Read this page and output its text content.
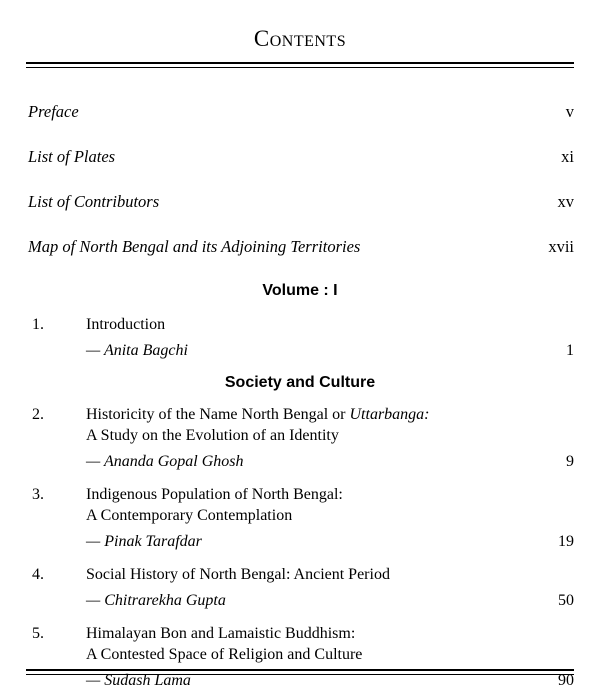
Contents
Preface	v
List of Plates	xi
List of Contributors	xv
Map of North Bengal and its Adjoining Territories	xvii
Volume : I
1.	Introduction
— Anita Bagchi	1
Society and Culture
2.	Historicity of the Name North Bengal or Uttarbanga:
A Study on the Evolution of an Identity
— Ananda Gopal Ghosh	9
3.	Indigenous Population of North Bengal:
A Contemporary Contemplation
— Pinak Tarafdar	19
4.	Social History of North Bengal: Ancient Period
— Chitrarekha Gupta	50
5.	Himalayan Bon and Lamaistic Buddhism:
A Contested Space of Religion and Culture
— Sudash Lama	90
